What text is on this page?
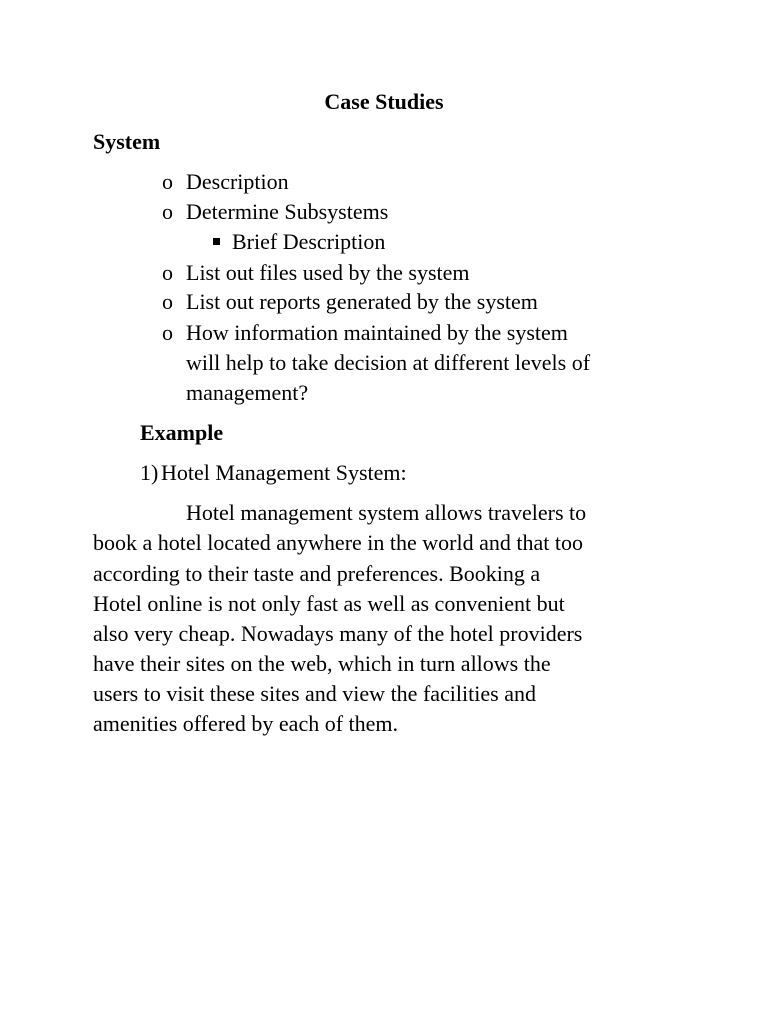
Case Studies
System
o Description
o Determine Subsystems
Brief Description
o List out files used by the system
o List out reports generated by the system
o How information maintained by the system
will help to take decision at different levels of
management?
Example
1) Hotel Management System:
Hotel management system allows travelers to
book a hotel located anywhere in the world and that too
according to their taste and preferences. Booking a
Hotel online is not only fast as well as convenient but
also very cheap. Nowadays many of the hotel providers
have their sites on the web, which in turn allows the
users to visit these sites and view the facilities and
amenities offered by each of them.
